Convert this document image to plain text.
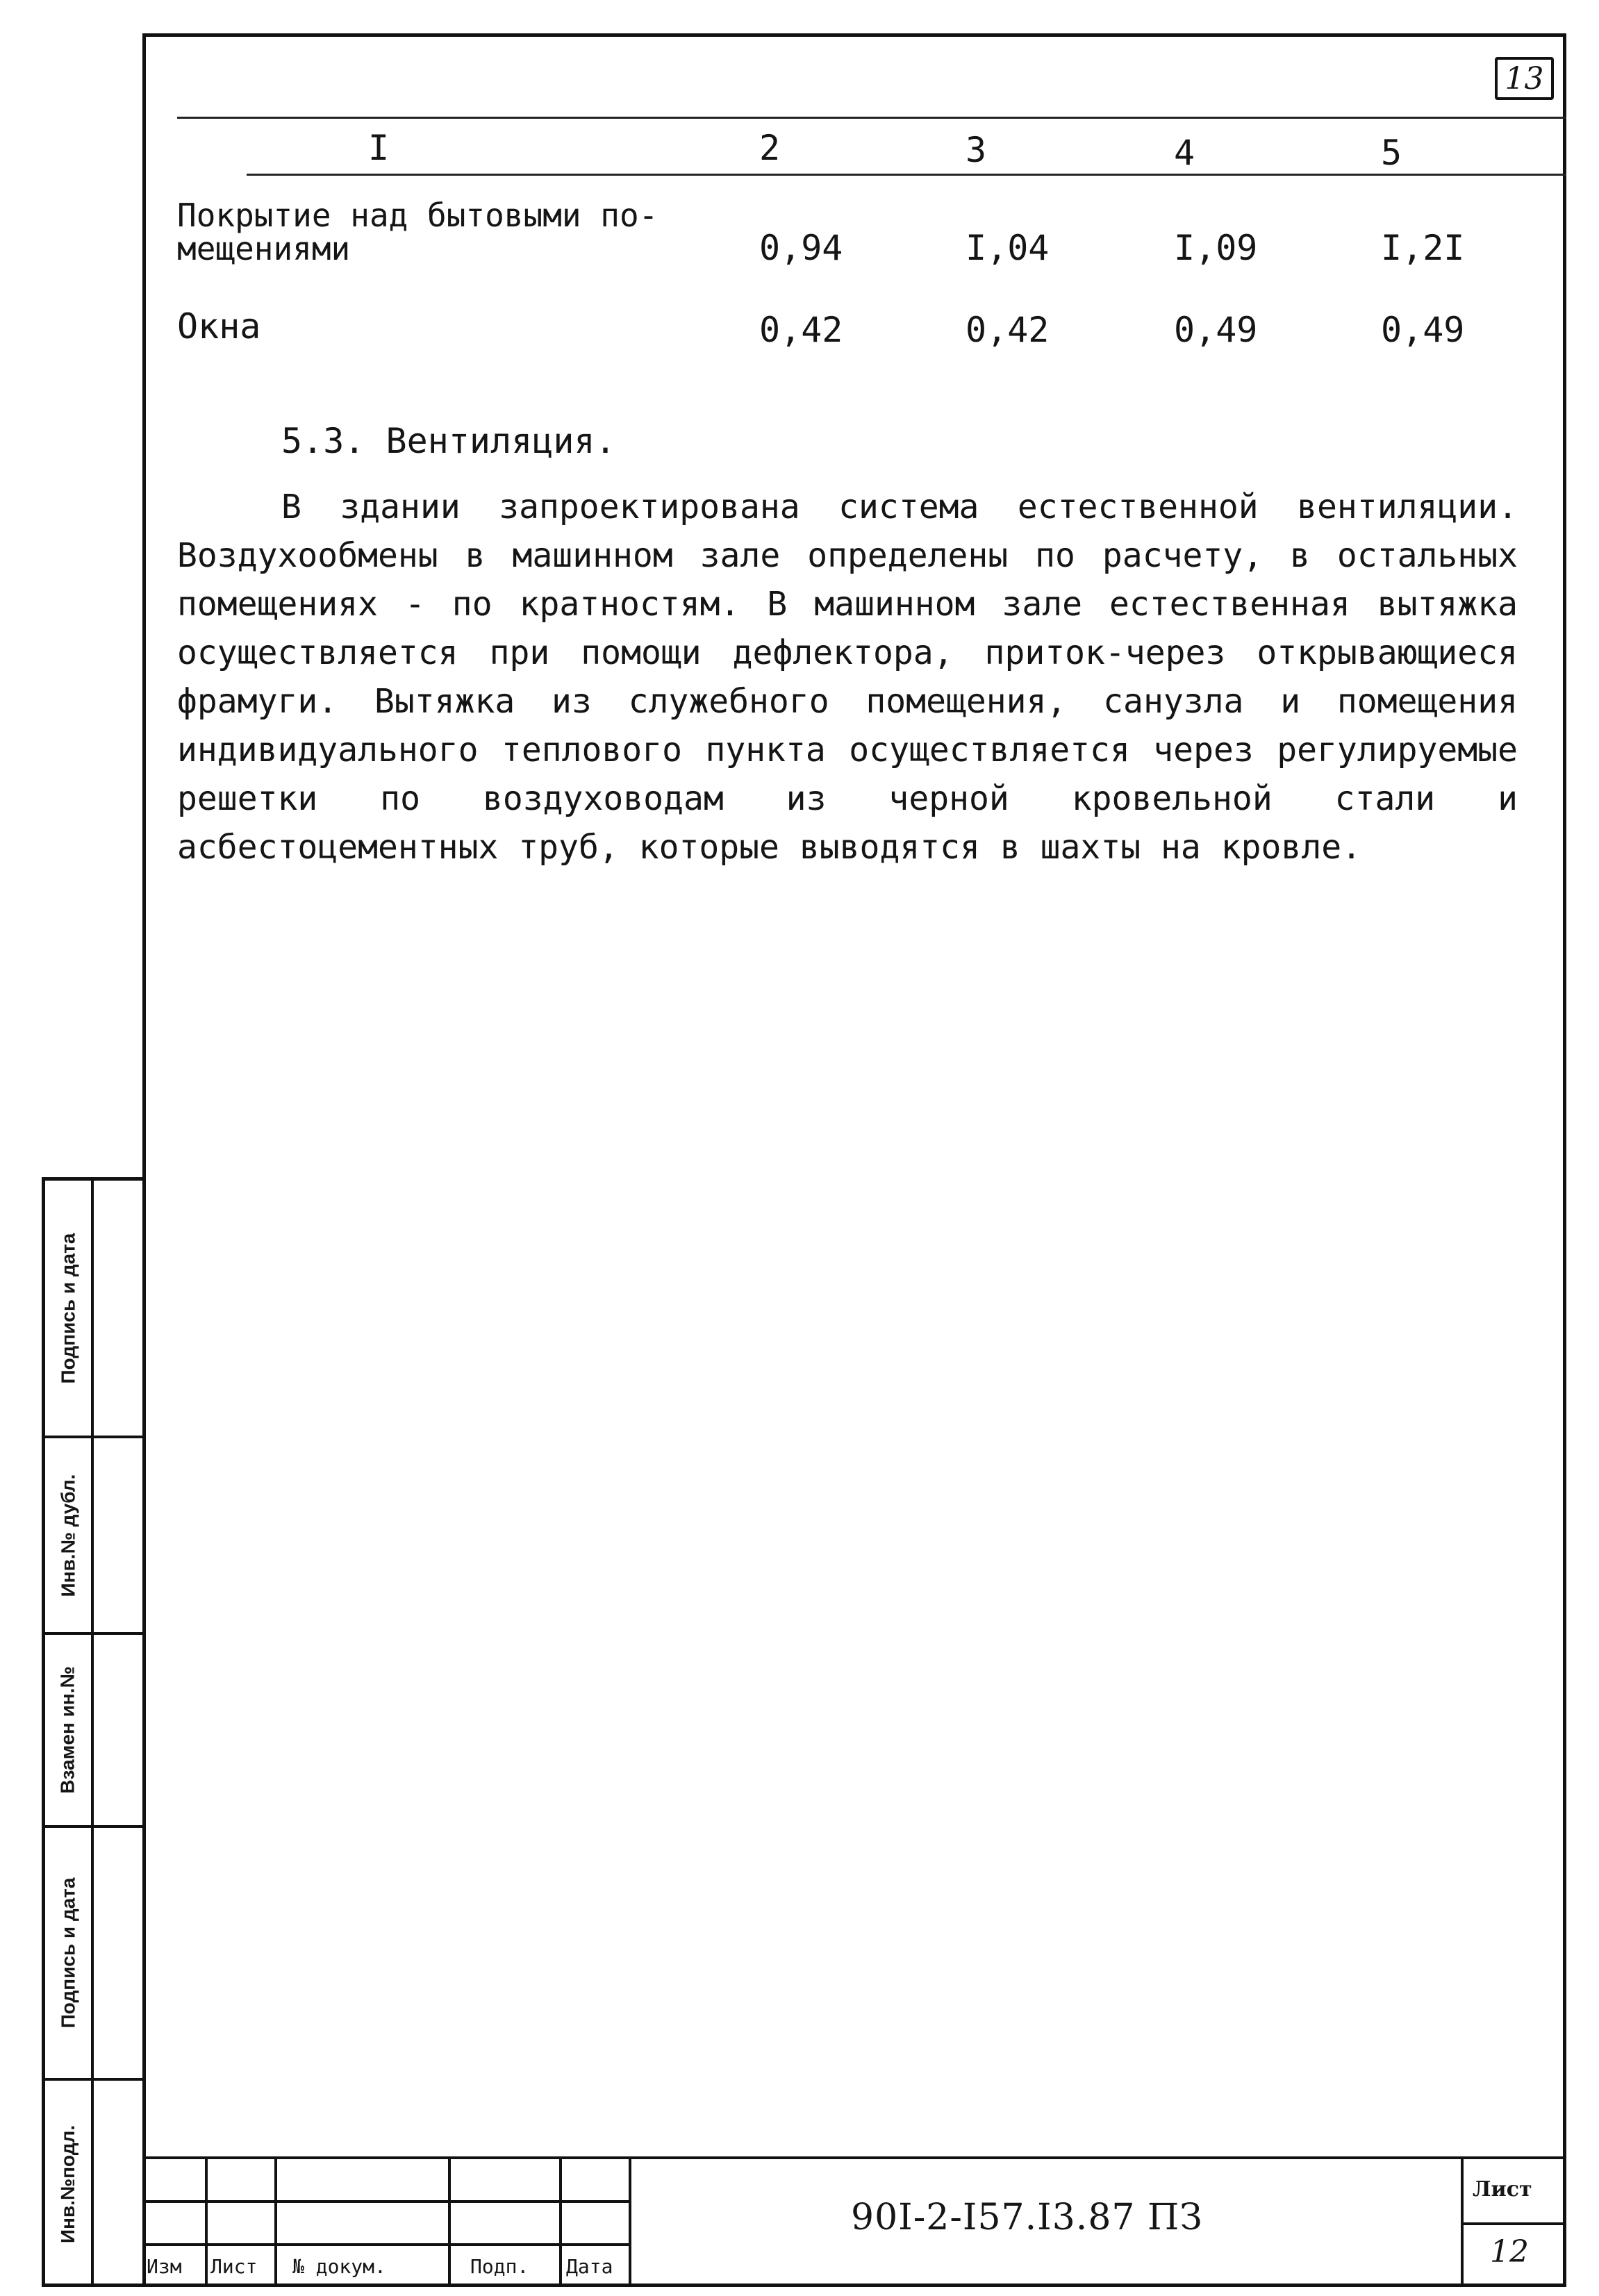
13
I	2	3	4	5
Покрытие над бытовыми по-
мещениями	0,94	I,04	I,09	I,2I
Окна	0,42	0,42	0,49	0,49
5.3. Вентиляция.

В здании запроектирована система естественной вентиляции. Воздухообмены в машинном зале определены по расчету, в остальных помещениях - по кратностям. В машинном зале естественная вытяжка осуществляется при помощи дефлектора, приток-через открывающиеся фрамуги. Вытяжка из служебного помещения, санузла и помещения индивидуального теплового пункта осуществляется через регулируемые решетки по воздуховодам из черной кровельной стали и асбестоцементных труб, которые выводятся в шахты на кровле.

Подпись и дата
Инв.№ дубл.
Взамен ин.№
Подпись и дата
Инв.№подл.
Изм Лист № докум.	Подп. Дата
90I-2-I57.I3.87 ПЗ
Лист
12
